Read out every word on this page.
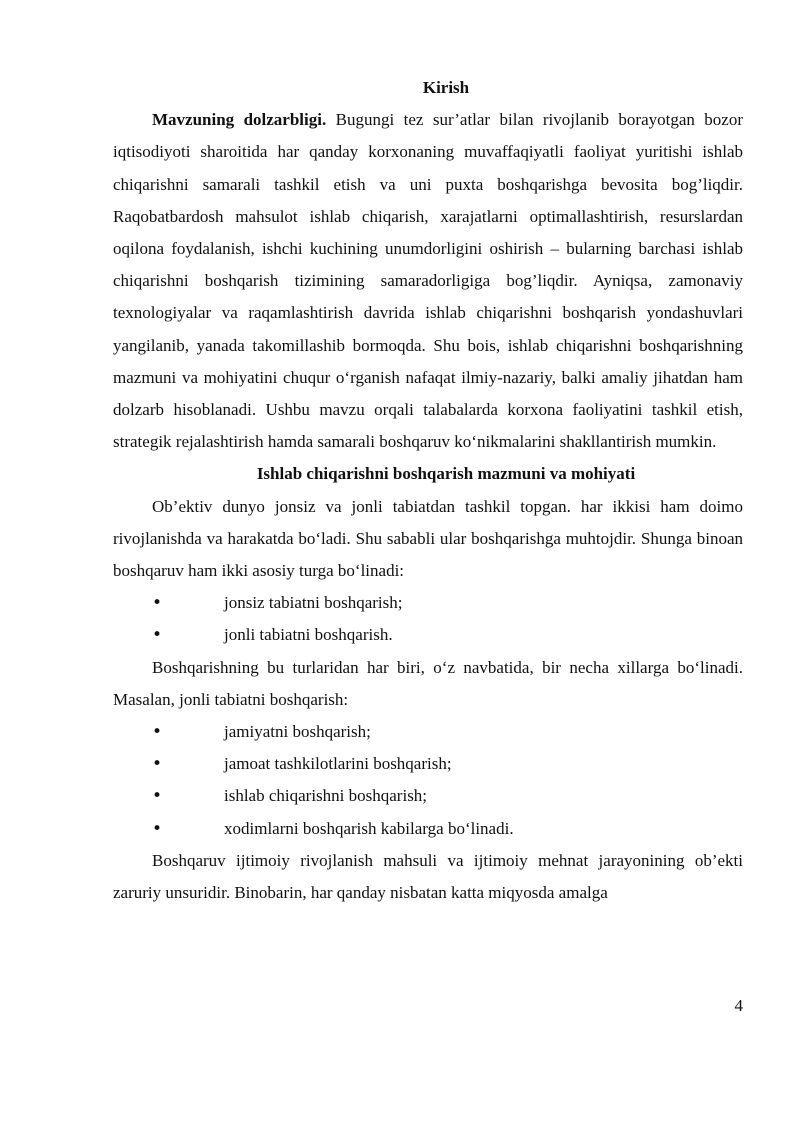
Kirish

Mavzuning dolzarbligi. Bugungi tez sur’atlar bilan rivojlanib borayotgan bozor iqtisodiyoti sharoitida har qanday korxonaning muvaffaqiyatli faoliyat yuritishi ishlab chiqarishni samarali tashkil etish va uni puxta boshqarishga bevosita bog’liqdir. Raqobatbardosh mahsulot ishlab chiqarish, xarajatlarni optimallashtirish, resurslardan oqilona foydalanish, ishchi kuchining unumdorligini oshirish – bularning barchasi ishlab chiqarishni boshqarish tizimining samaradorligiga bog’liqdir. Ayniqsa, zamonaviy texnologiyalar va raqamlashtirish davrida ishlab chiqarishni boshqarish yondashuvlari yangilanib, yanada takomillashib bormoqda. Shu bois, ishlab chiqarishni boshqarishning mazmuni va mohiyatini chuqur oʻrganish nafaqat ilmiy-nazariy, balki amaliy jihatdan ham dolzarb hisoblanadi. Ushbu mavzu orqali talabalarda korxona faoliyatini tashkil etish, strategik rejalashtirish hamda samarali boshqaruv koʻnikmalarini shakllantirish mumkin.

Ishlab chiqarishni boshqarish mazmuni va mohiyati

Ob’ektiv dunyo jonsiz va jonli tabiatdan tashkil topgan. har ikkisi ham doimo rivojlanishda va harakatda boʻladi. Shu sababli ular boshqarishga muhtojdir. Shunga binoan boshqaruv ham ikki asosiy turga boʻlinadi:

•	jonsiz tabiatni boshqarish;
•	jonli tabiatni boshqarish.

Boshqarishning bu turlaridan har biri, oʻz navbatida, bir necha xillarga boʻlinadi. Masalan, jonli tabiatni boshqarish:

•	jamiyatni boshqarish;
•	jamoat tashkilotlarini boshqarish;
•	ishlab chiqarishni boshqarish;
•	xodimlarni boshqarish kabilarga boʻlinadi.

Boshqaruv ijtimoiy rivojlanish mahsuli va ijtimoiy mehnat jarayonining ob’ekti zaruriy unsuridir. Binobarin, har qanday nisbatan katta miqyosda amalga

4
